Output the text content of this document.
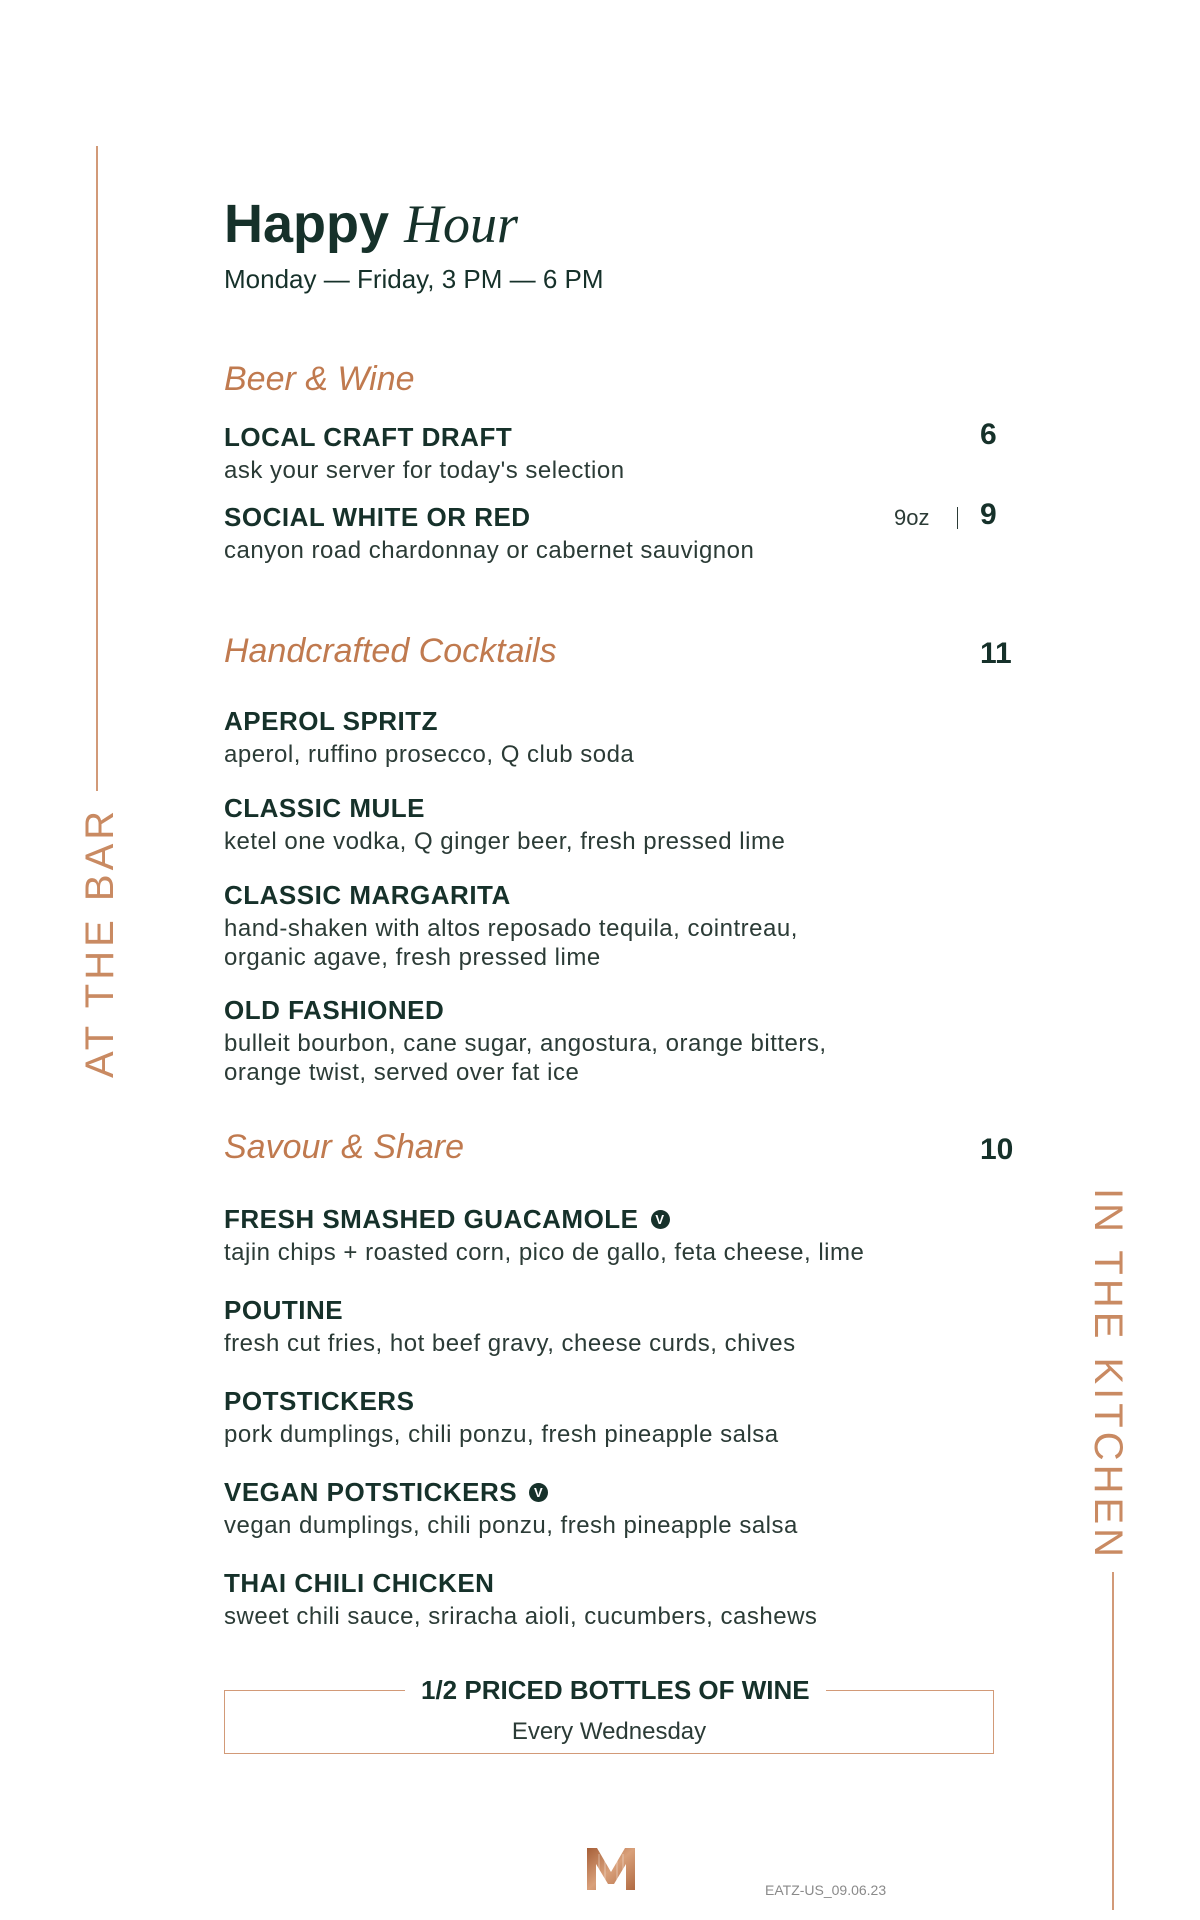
AT THE BAR
IN THE KITCHEN
Happy Hour
Monday — Friday, 3 PM — 6 PM
Beer & Wine
LOCAL CRAFT DRAFT
ask your server for today's selection
6
SOCIAL WHITE OR RED
canyon road chardonnay or cabernet sauvignon
9oz 9
Handcrafted Cocktails	11
APEROL SPRITZ
aperol, ruffino prosecco, Q club soda
CLASSIC MULE
ketel one vodka, Q ginger beer, fresh pressed lime
CLASSIC MARGARITA
hand-shaken with altos reposado tequila, cointreau,
organic agave, fresh pressed lime
OLD FASHIONED
bulleit bourbon, cane sugar, angostura, orange bitters,
orange twist, served over fat ice
Savour & Share	10
FRESH SMASHED GUACAMOLE	V
tajin chips + roasted corn, pico de gallo, feta cheese, lime
POUTINE
fresh cut fries, hot beef gravy, cheese curds, chives
POTSTICKERS
pork dumplings, chili ponzu, fresh pineapple salsa
VEGAN POTSTICKERS	V
vegan dumplings, chili ponzu, fresh pineapple salsa
THAI CHILI CHICKEN
sweet chili sauce, sriracha aioli, cucumbers, cashews
1/2 PRICED BOTTLES OF WINE
Every Wednesday
EATZ-US_09.06.23
